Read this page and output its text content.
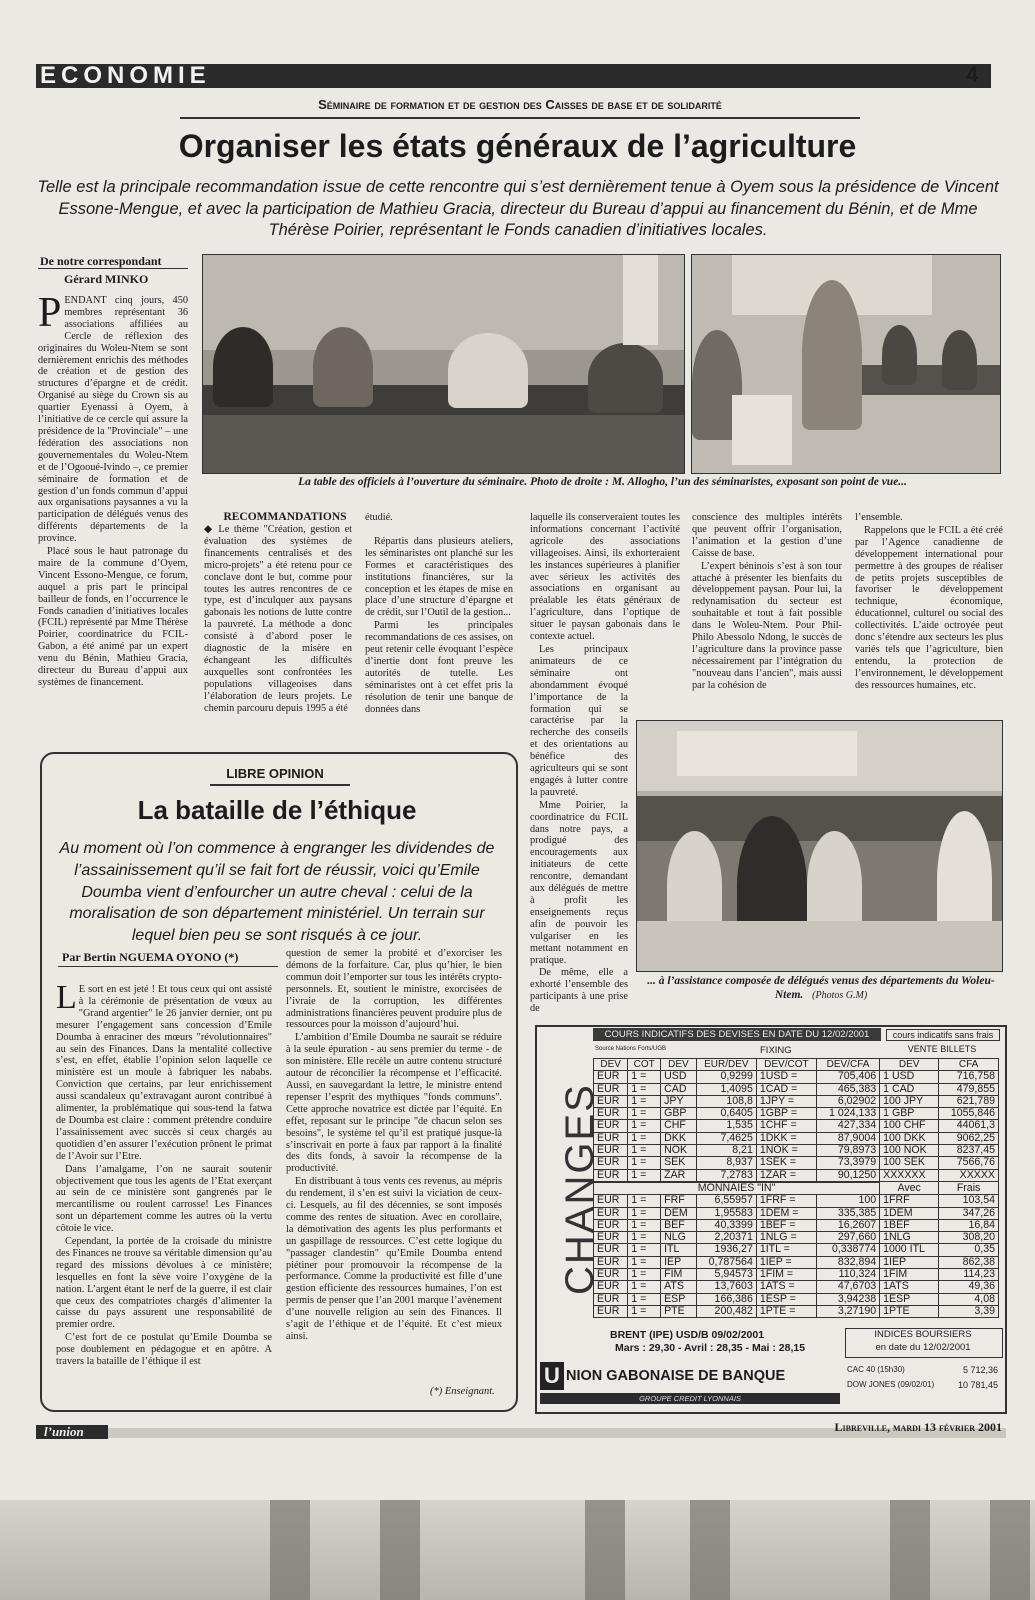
ECONOMIE	4
Séminaire de formation et de gestion des Caisses de base et de solidarité
Organiser les états généraux de l’agriculture
Telle est la principale recommandation issue de cette rencontre qui s’est dernièrement tenue à Oyem sous la présidence de Vincent Essone-Mengue, et avec la participation de Mathieu Gracia, directeur du Bureau d’appui au financement du Bénin, et de Mme Thérèse Poirier, représentant le Fonds canadien d’initiatives locales.
De notre correspondant
Gérard MINKO
P ENDANT cinq jours, 450 membres représentant 36 associations affiliées au Cercle de réflexion des originaires du Woleu-Ntem se sont dernièrement enrichis des méthodes de création et de gestion des structures d’épargne et de crédit. Organisé au siège du Crown sis au quartier Eyenassi à Oyem, à l’initiative de ce cercle qui assure la présidence de la "Provinciale" – une fédération des associations non gouvernementales du Woleu-Ntem et de l’Ogooué-Ivindo –, ce premier séminaire de formation et de gestion d’un fonds commun d’appui aux organisations paysannes a vu la participation de délégués venus des différents départements de la province.

Placé sous le haut patronage du maire de la commune d’Oyem, Vincent Essono-Mengue, ce forum, auquel a pris part le principal bailleur de fonds, en l’occurrence le Fonds canadien d’initiatives locales (FCIL) représenté par Mme Thérèse Poirier, coordinatrice du FCIL-Gabon, a été animé par un expert venu du Bénin, Mathieu Gracia, directeur du Bureau d’appui aux systèmes de financement.

La table des officiels à l’ouverture du séminaire. Photo de droite : M. Allogho, l’un des séminaristes, exposant son point de vue...
RECOMMANDATIONS

◆ Le thème "Création, gestion et évaluation des systèmes de financements centralisés et des micro-projets" a été retenu pour ce conclave dont le but, comme pour toutes les autres rencontres de ce type, est d’inculquer aux paysans gabonais les notions de lutte contre la pauvreté. La méthode a donc consisté à d’abord poser le diagnostic de la misère en échangeant les difficultés auxquelles sont confrontées les populations villageoises dans l’élaboration de leurs projets. Le chemin parcouru depuis 1995 a été

étudié.

Répartis dans plusieurs ateliers, les séminaristes ont planché sur les Formes et caractéristiques des institutions financières, sur la conception et les étapes de mise en place d’une structure d’épargne et de crédit, sur l’Outil de la gestion...

Parmi les principales recommandations de ces assises, on peut retenir celle évoquant l’espèce d’inertie dont font preuve les autorités de tutelle. Les séminaristes ont à cet effet pris la résolution de tenir une banque de données dans

laquelle ils conserveraient toutes les informations concernant l’activité agricole des associations villageoises. Ainsi, ils exhorteraient les instances supérieures à planifier avec sérieux les activités des associations en organisant au préalable les états généraux de l’agriculture, dans l’optique de situer le paysan gabonais dans le contexte actuel.

Les principaux animateurs de ce séminaire ont abondamment évoqué l’importance de la formation qui se caractérise par la recherche des conseils et des orientations au bénéfice des agriculteurs qui se sont engagés à lutter contre la pauvreté.

Mme Poirier, la coordinatrice du FCIL dans notre pays, a prodigué des encouragements aux initiateurs de cette rencontre, demandant aux délégués de mettre à profit les enseignements reçus afin de pouvoir les vulgariser en les mettant notamment en pratique.

De même, elle a exhorté l’ensemble des participants à une prise de

conscience des multiples intérêts que peuvent offrir l’organisation, l’animation et la gestion d’une Caisse de base.

L’expert béninois s’est à son tour attaché à présenter les bienfaits du développement paysan. Pour lui, la redynamisation du secteur est souhaitable et tout à fait possible dans le Woleu-Ntem. Pour Phil-Philo Abessolo Ndong, le succès de l’agriculture dans la province passe nécessairement par l’intégration du "nouveau dans l’ancien", mais aussi par la cohésion de

l’ensemble.

Rappelons que le FCIL a été créé par l’Agence canadienne de développement international pour permettre à des groupes de réaliser de petits projets susceptibles de favoriser le développement technique, économique, éducationnel, culturel ou social des collectivités. L’aide octroyée peut donc s’étendre aux secteurs les plus variés tels que l’agriculture, bien entendu, la protection de l’environnement, le développement des ressources humaines, etc.

... à l’assistance composée de délégués venus des départements du Woleu-Ntem. (Photos G.M)
LIBRE OPINION
La bataille de l’éthique
Au moment où l’on commence à engranger les dividendes de l’assainissement qu’il se fait fort de réussir, voici qu’Emile Doumba vient d’enfourcher un autre cheval : celui de la moralisation de son département ministériel. Un terrain sur lequel bien peu se sont risqués à ce jour.
Par Bertin NGUEMA OYONO (*)
L E sort en est jeté ! Et tous ceux qui ont assisté à la cérémonie de présentation de vœux au "Grand argentier" le 26 janvier dernier, ont pu mesurer l’engagement sans concession d’Emile Doumba à enraciner des mœurs "révolutionnaires" au sein des Finances. Dans la mentalité collective s’est, en effet, établie l’opinion selon laquelle ce ministère est un moule à fabriquer les nababs. Conviction que certains, par leur enrichissement aussi scandaleux qu’extravagant auront contribué à alimenter, la problématique qui sous-tend la fatwa de Doumba est claire : comment prétendre conduire l’assainissement avec succès si ceux chargés au quotidien d’en assurer l’exécution prônent le primat de l’Avoir sur l’Etre.

Dans l’amalgame, l’on ne saurait soutenir objectivement que tous les agents de l’Etat exerçant au sein de ce ministère sont gangrenés par le mercantilisme ou roulent carrosse! Les Finances sont un département comme les autres où la vertu côtoie le vice.

Cependant, la portée de la croisade du ministre des Finances ne trouve sa véritable dimension qu’au regard des missions dévolues à ce ministère; lesquelles en font la sève voire l’oxygène de la nation. L’argent étant le nerf de la guerre, il est clair que ceux des compatriotes chargés d’alimenter la caisse du pays assurent une responsabilité de premier ordre.

C’est fort de ce postulat qu’Emile Doumba se pose doublement en pédagogue et en apôtre. A travers la bataille de l’éthique il est

question de semer la probité et d’exorciser les démons de la forfaiture. Car, plus qu’hier, le bien commun doit l’emporter sur tous les intérêts crypto-personnels. Et, soutient le ministre, exorcisées de l’ivraie de la corruption, les différentes administrations financières peuvent produire plus de ressources pour la moisson d’aujourd’hui.

L’ambition d’Emile Doumba ne saurait se réduire à la seule épuration - au sens premier du terme - de son ministère. Elle recèle un autre contenu structuré autour de réconcilier la récompense et l’efficacité. Aussi, en sauvegardant la lettre, le ministre entend repenser l’esprit des mythiques "fonds communs". Cette approche novatrice est dictée par l’équité. En effet, reposant sur le principe "de chacun selon ses besoins", le système tel qu’il est pratiqué jusque-là s’inscrivait en porte à faux par rapport à la finalité des dits fonds, à savoir la récompense de la productivité.

En distribuant à tous vents ces revenus, au mépris du rendement, il s’en est suivi la viciation de ceux-ci. Lesquels, au fil des décennies, se sont imposés comme des rentes de situation. Avec en corollaire, la démotivation des agents les plus performants et un gaspillage de ressources. C’est cette logique du "passager clandestin" qu’Emile Doumba entend piétiner pour promouvoir la récompense de la performance. Comme la productivité est fille d’une gestion efficiente des ressources humaines, l’on est permis de penser que l’an 2001 marque l’avènement d’une nouvelle religion au sein des Finances. Il s’agit de l’éthique et de l’équité. Et c’est mieux ainsi.

(*) Enseignant.
CHANGES
COURS INDICATIFS DES DEVISES EN DATE DU 12/02/2001
Source Nations Forts/UGB	FIXING
cours indicatifs sans frais
VENTE BILLETS
DEV	COT	DEV	EUR/DEV	DEV/COT	DEV/CFA	DEV	CFA
EUR	1 =	USD	0,9299	1USD =	705,406	1 USD	716,758
EUR	1 =	CAD	1,4095	1CAD =	465,383	1 CAD	479,855
EUR	1 =	JPY	108,8	1JPY =	6,02902	100 JPY	621,789
EUR	1 =	GBP	0,6405	1GBP =	1 024,133	1 GBP	1055,846
EUR	1 =	CHF	1,535	1CHF =	427,334	100 CHF	44061,3
EUR	1 =	DKK	7,4625	1DKK =	87,9004	100 DKK	9062,25
EUR	1 =	NOK	8,21	1NOK =	79,8973	100 NOK	8237,45
EUR	1 =	SEK	8,937	1SEK =	73,3979	100 SEK	7566,76
EUR	1 =	ZAR	7,2783	1ZAR =	90,1250	XXXXXX	XXXXX
MONNAIES "IN"						Avec	Frais
EUR	1 =	FRF	6,55957	1FRF =	100	1FRF	103,54
EUR	1 =	DEM	1,95583	1DEM =	335,385	1DEM	347,26
EUR	1 =	BEF	40,3399	1BEF =	16,2607	1BEF	16,84
EUR	1 =	NLG	2,20371	1NLG =	297,660	1NLG	308,20
EUR	1 =	ITL	1936,27	1ITL =	0,338774	1000 ITL	0,35
EUR	1 =	IEP	0,787564	1IEP =	832,894	1IEP	862,38
EUR	1 =	FIM	5,94573	1FIM =	110,324	1FIM	114,23
EUR	1 =	ATS	13,7603	1ATS =	47,6703	1ATS	49,36
EUR	1 =	ESP	166,386	1ESP =	3,94238	1ESP	4,08
EUR	1 =	PTE	200,482	1PTE =	3,27190	1PTE	3,39
BRENT (IPE) USD/B 09/02/2001
Mars : 29,30 - Avril : 28,35 - Mai : 28,15
INDICES BOURSIERS
en date du 12/02/2001
CAC 40 (15h30)	5 712,36
DOW JONES (09/02/01)	10 781,45
U NION GABONAISE DE BANQUE
GROUPE CREDIT LYONNAIS
l’union	Libreville, mardi 13 février 2001
